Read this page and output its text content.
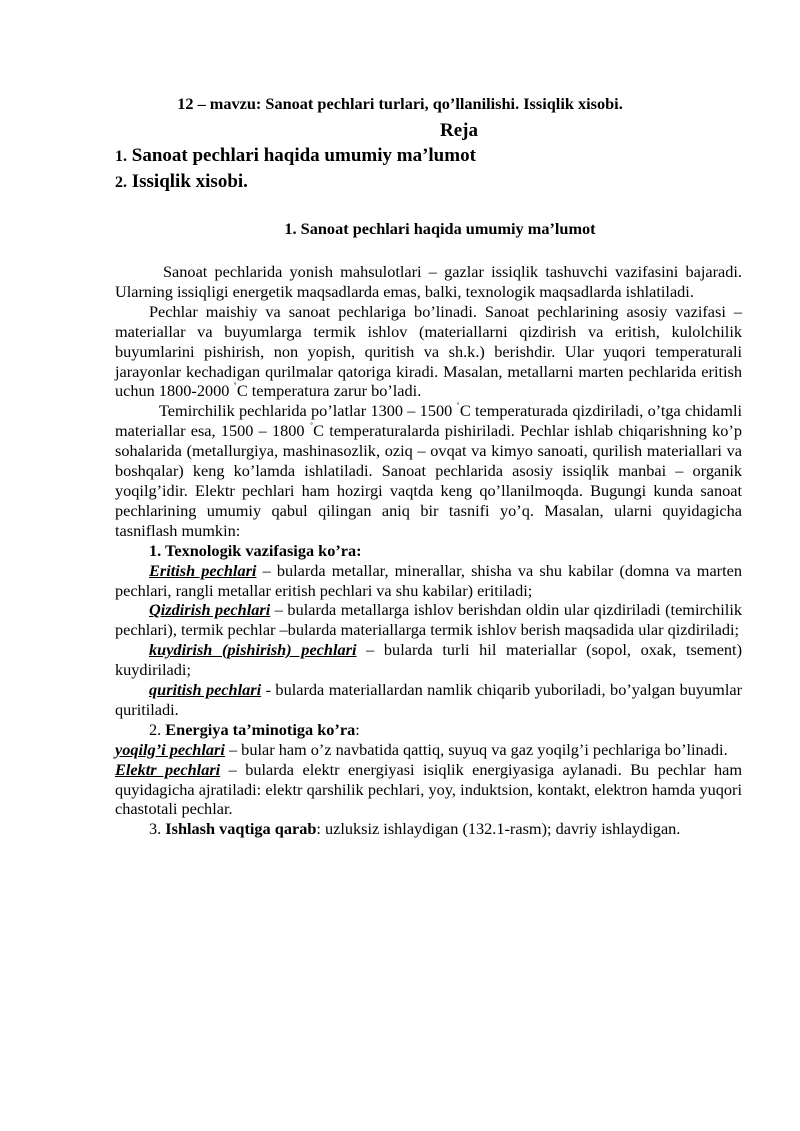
12 – mavzu: Sanoat pechlari turlari, qo’llanilishi. Issiqlik xisobi.
Reja
1. Sanoat pechlari haqida umumiy ma’lumot
2. Issiqlik xisobi.
1. Sanoat pechlari haqida umumiy ma’lumot

Sanoat pechlarida yonish mahsulotlari – gazlar issiqlik tashuvchi vazifasini bajaradi. Ularning issiqligi energetik maqsadlarda emas, balki, texnologik maqsadlarda ishlatiladi.

Pechlar maishiy va sanoat pechlariga bo’linadi. Sanoat pechlarining asosiy vazifasi – materiallar va buyumlarga termik ishlov (materiallarni qizdirish va eritish, kulolchilik buyumlarini pishirish, non yopish, quritish va sh.k.) berishdir. Ular yuqori temperaturali jarayonlar kechadigan qurilmalar qatoriga kiradi. Masalan, metallarni marten pechlarida eritish uchun 1800-2000 ˚C temperatura zarur bo’ladi.

Temirchilik pechlarida po’latlar 1300 – 1500 ˚C temperaturada qizdiriladi, o’tga chidamli materiallar esa, 1500 – 1800 ˚C temperaturalarda pishiriladi. Pechlar ishlab chiqarishning ko’p sohalarida (metallurgiya, mashinasozlik, oziq – ovqat va kimyo sanoati, qurilish materiallari va boshqalar) keng ko’lamda ishlatiladi. Sanoat pechlarida asosiy issiqlik manbai – organik yoqilg’idir. Elektr pechlari ham hozirgi vaqtda keng qo’llanilmoqda. Bugungi kunda sanoat pechlarining umumiy qabul qilingan aniq bir tasnifi yo’q. Masalan, ularni quyidagicha tasniflash mumkin:

1. Texnologik vazifasiga ko’ra:

Eritish pechlari – bularda metallar, minerallar, shisha va shu kabilar (domna va marten pechlari, rangli metallar eritish pechlari va shu kabilar) eritiladi;

Qizdirish pechlari – bularda metallarga ishlov berishdan oldin ular qizdiriladi (temirchilik pechlari), termik pechlar –bularda materiallarga termik ishlov berish maqsadida ular qizdiriladi;

kuydirish (pishirish) pechlari – bularda turli hil materiallar (sopol, oxak, tsement) kuydiriladi;

quritish pechlari - bularda materiallardan namlik chiqarib yuboriladi, bo’yalgan buyumlar quritiladi.

2. Energiya ta’minotiga ko’ra:

yoqilg’i pechlari – bular ham o’z navbatida qattiq, suyuq va gaz yoqilg’i pechlariga bo’linadi.

Elektr pechlari – bularda elektr energiyasi isiqlik energiyasiga aylanadi. Bu pechlar ham quyidagicha ajratiladi: elektr qarshilik pechlari, yoy, induktsion, kontakt, elektron hamda yuqori chastotali pechlar.

3. Ishlash vaqtiga qarab: uzluksiz ishlaydigan (132.1-rasm); davriy ishlaydigan.
